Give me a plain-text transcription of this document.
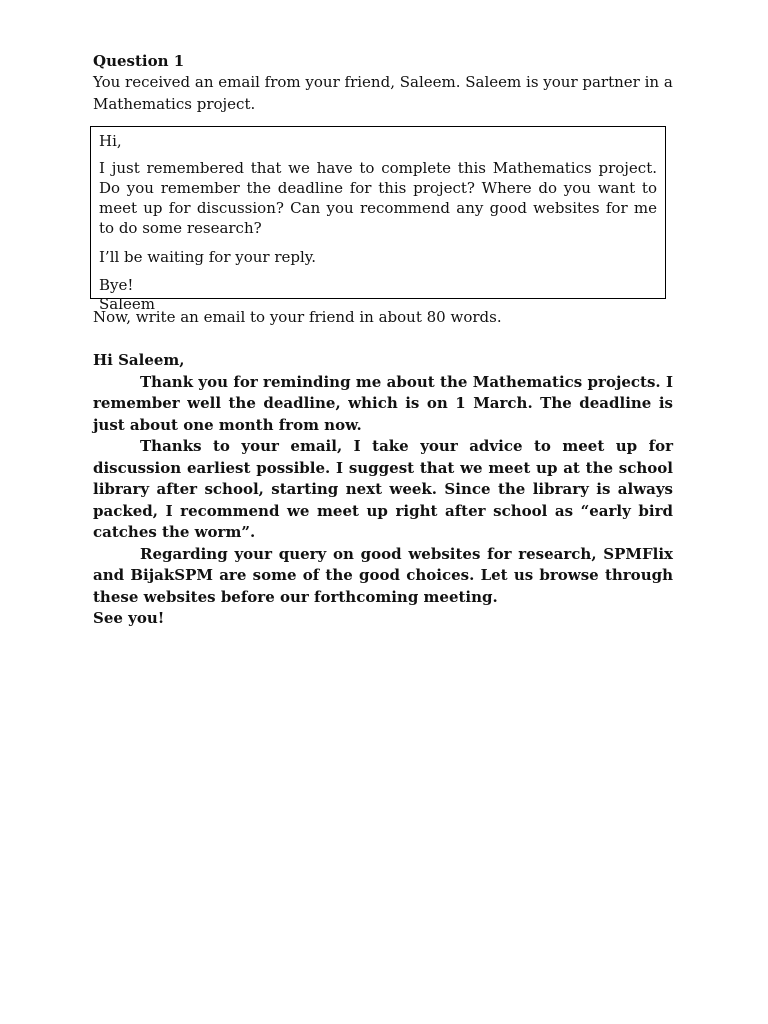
Question 1

You received an email from your friend, Saleem. Saleem is your partner in a Mathematics project.

Hi,

I just remembered that we have to complete this Mathematics project. Do you remember the deadline for this project? Where do you want to meet up for discussion? Can you recommend any good websites for me to do some research?

I’ll be waiting for your reply.

Bye!

Saleem

Now, write an email to your friend in about 80 words.

Hi Saleem,

Thank you for reminding me about the Mathematics projects. I remember well the deadline, which is on 1 March. The deadline is just about one month from now.

Thanks to your email, I take your advice to meet up for discussion earliest possible. I suggest that we meet up at the school library after school, starting next week. Since the library is always packed, I recommend we meet up right after school as “early bird catches the worm”.

Regarding your query on good websites for research, SPMFlix and BijakSPM are some of the good choices. Let us browse through these websites before our forthcoming meeting.

See you!
